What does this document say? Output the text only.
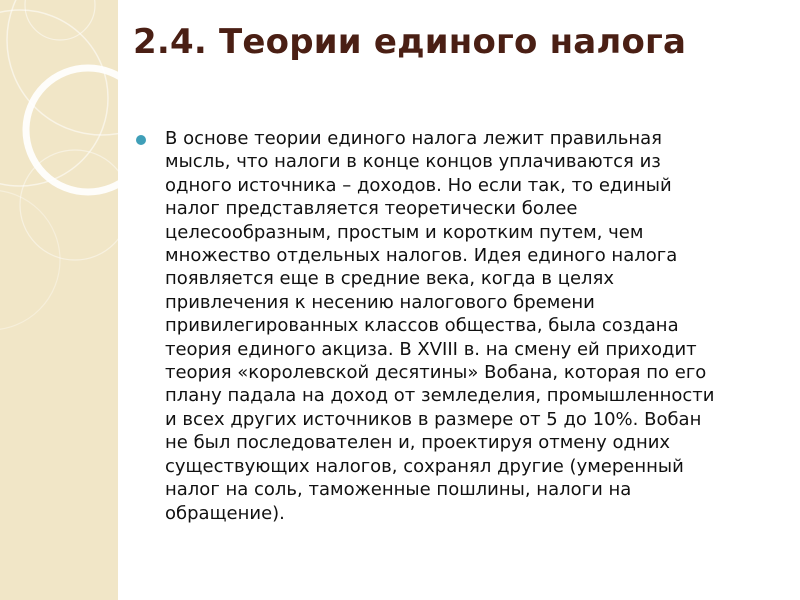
2.4. Теории единого налога
В основе теории единого налога лежит правильная
мысль, что налоги в конце концов уплачиваются из
одного источника – доходов. Но если так, то единый
налог представляется теоретически более
целесообразным, простым и коротким путем, чем
множество отдельных налогов. Идея единого налога
появляется еще в средние века, когда в целях
привлечения к несению налогового бремени
привилегированных классов общества, была создана
теория единого акциза. В XVIII в. на смену ей приходит
теория «королевской десятины» Вобана, которая по его
плану падала на доход от земледелия, промышленности
и всех других источников в размере от 5 до 10%. Вобан
не был последователен и, проектируя отмену одних
существующих налогов, сохранял другие (умеренный
налог на соль, таможенные пошлины, налоги на
обращение).
